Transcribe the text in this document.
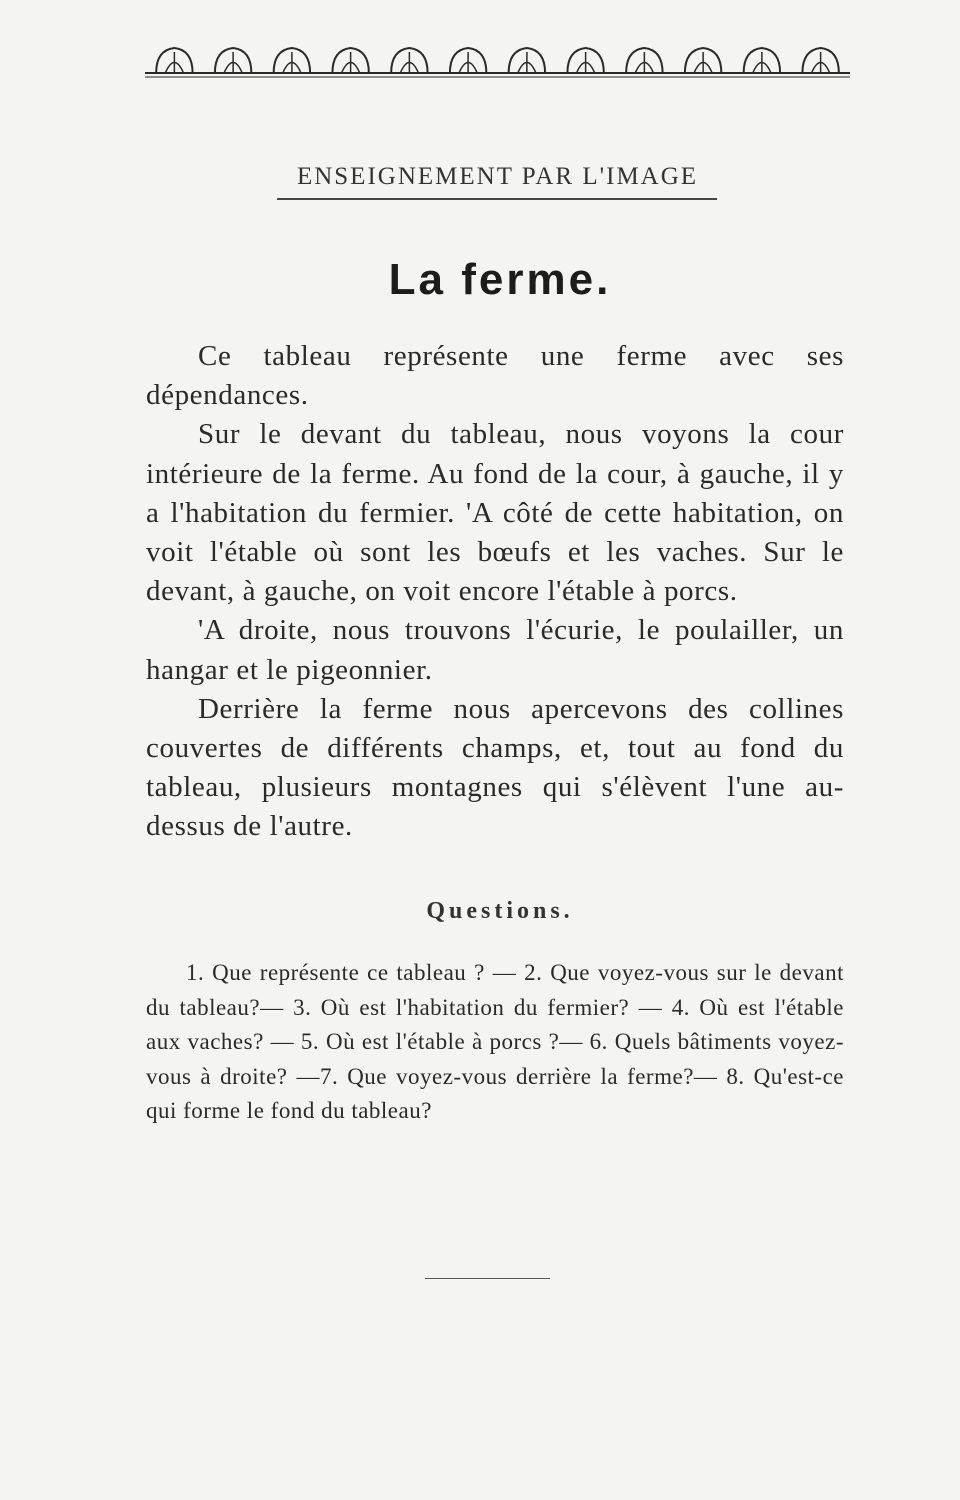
ENSEIGNEMENT PAR L'IMAGE
La ferme.

Ce tableau représente une ferme avec ses dépendances.

Sur le devant du tableau, nous voyons la cour intérieure de la ferme. Au fond de la cour, à gauche, il y a l'habitation du fermier. 'A côté de cette habitation, on voit l'étable où sont les bœufs et les vaches. Sur le devant, à gauche, on voit encore l'étable à porcs.

'A droite, nous trouvons l'écurie, le poulailler, un hangar et le pigeonnier.

Derrière la ferme nous apercevons des collines couvertes de différents champs, et, tout au fond du tableau, plusieurs montagnes qui s'élèvent l'une au-dessus de l'autre.

Questions.
1. Que représente ce tableau ? — 2. Que voyez-vous sur le devant du tableau?— 3. Où est l'habitation du fermier? — 4. Où est l'étable aux vaches? — 5. Où est l'étable à porcs ?— 6. Quels bâtiments voyez-vous à droite? —7. Que voyez-vous derrière la ferme?— 8. Qu'est-ce qui forme le fond du tableau?
